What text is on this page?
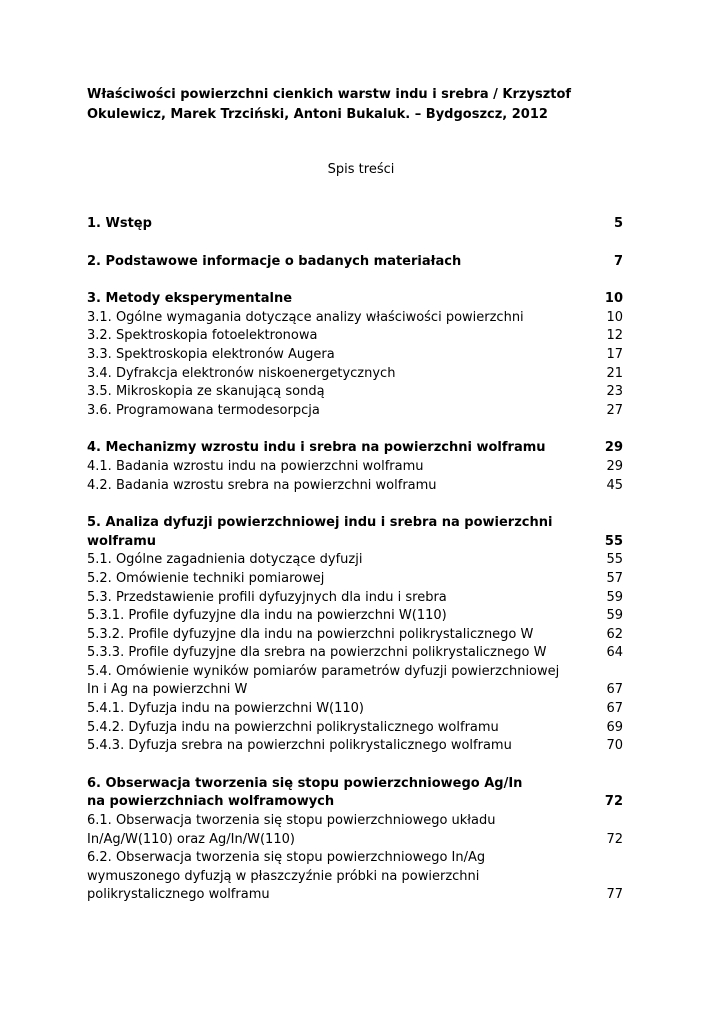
Właściwości powierzchni cienkich warstw indu i srebra / Krzysztof
Okulewicz, Marek Trzciński, Antoni Bukaluk. – Bydgoszcz, 2012
Spis treści
1. Wstęp	5
2. Podstawowe informacje o badanych materiałach	7
3. Metody eksperymentalne	10
3.1. Ogólne wymagania dotyczące analizy właściwości powierzchni	10
3.2. Spektroskopia fotoelektronowa	12
3.3. Spektroskopia elektronów Augera	17
3.4. Dyfrakcja elektronów niskoenergetycznych	21
3.5. Mikroskopia ze skanującą sondą	23
3.6. Programowana termodesorpcja	27
4. Mechanizmy wzrostu indu i srebra na powierzchni wolframu	29
4.1. Badania wzrostu indu na powierzchni wolframu	29
4.2. Badania wzrostu srebra na powierzchni wolframu	45
5. Analiza dyfuzji powierzchniowej indu i srebra na powierzchni
wolframu	55
5.1. Ogólne zagadnienia dotyczące dyfuzji	55
5.2. Omówienie techniki pomiarowej	57
5.3. Przedstawienie profili dyfuzyjnych dla indu i srebra	59
5.3.1. Profile dyfuzyjne dla indu na powierzchni W(110)	59
5.3.2. Profile dyfuzyjne dla indu na powierzchni polikrystalicznego W	62
5.3.3. Profile dyfuzyjne dla srebra na powierzchni polikrystalicznego W	64
5.4. Omówienie wyników pomiarów parametrów dyfuzji powierzchniowej
In i Ag na powierzchni W	67
5.4.1. Dyfuzja indu na powierzchni W(110)	67
5.4.2. Dyfuzja indu na powierzchni polikrystalicznego wolframu	69
5.4.3. Dyfuzja srebra na powierzchni polikrystalicznego wolframu	70
6. Obserwacja tworzenia się stopu powierzchniowego Ag/In
na powierzchniach wolframowych	72
6.1. Obserwacja tworzenia się stopu powierzchniowego układu
In/Ag/W(110) oraz Ag/In/W(110)	72
6.2. Obserwacja tworzenia się stopu powierzchniowego In/Ag
wymuszonego dyfuzją w płaszczyźnie próbki na powierzchni
polikrystalicznego wolframu	77
